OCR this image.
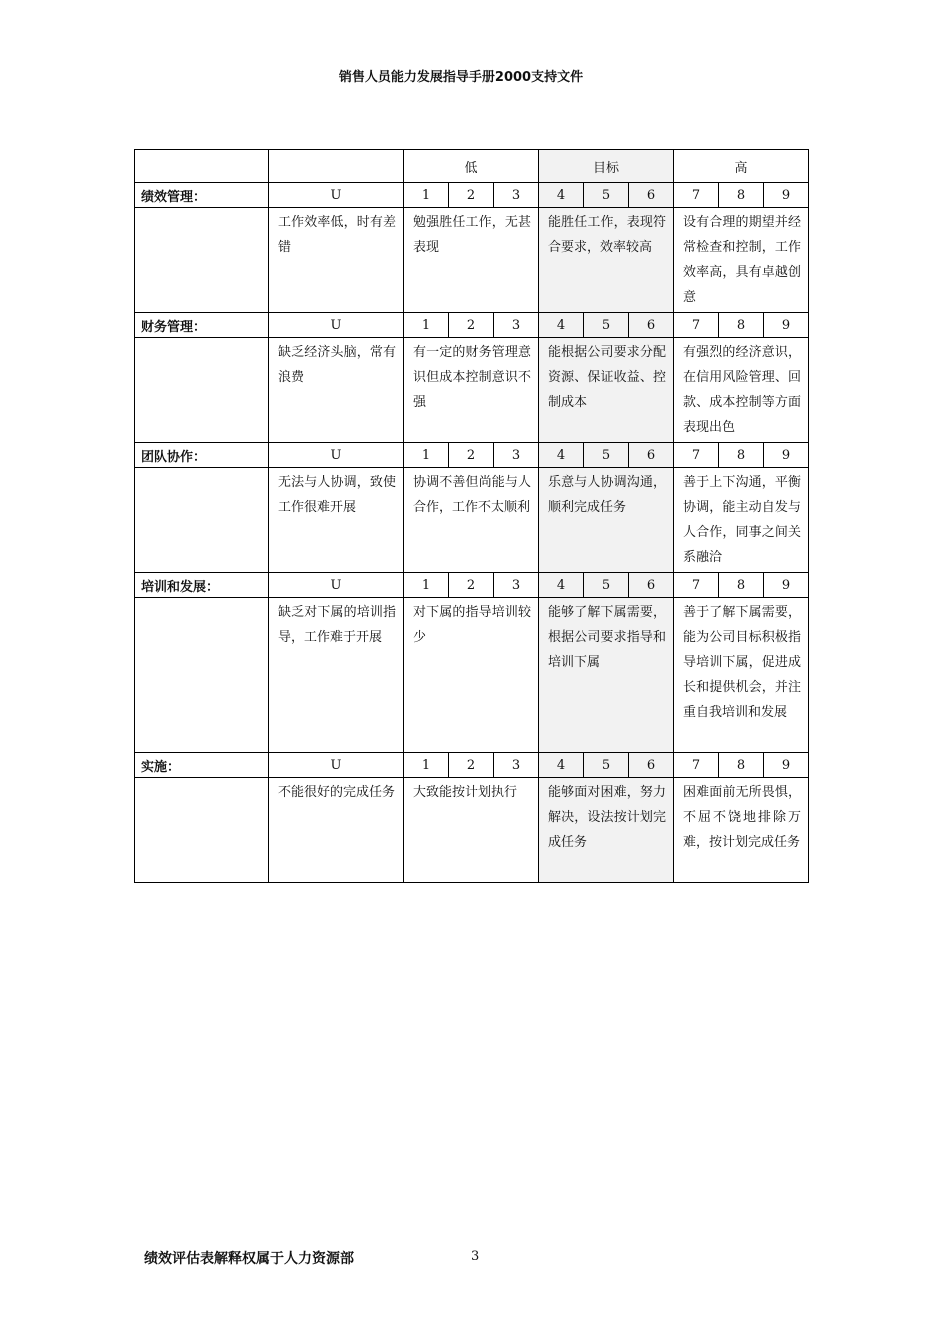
销售人员能力发展指导手册2000支持文件
		低			目标			高		
绩效管理：	U	1	2	3	4	5	6	7	8	9
	工作效率低，时有差错	勉强胜任工作，无甚表现			能胜任工作，表现符合要求，效率较高			设有合理的期望并经常检查和控制，工作效率高，具有卓越创意		
财务管理：	U	1	2	3	4	5	6	7	8	9
	缺乏经济头脑，常有浪费	有一定的财务管理意识但成本控制意识不强			能根据公司要求分配资源、保证收益、控制成本			有强烈的经济意识，在信用风险管理、回款、成本控制等方面表现出色		
团队协作：	U	1	2	3	4	5	6	7	8	9
	无法与人协调，致使工作很难开展	协调不善但尚能与人合作，工作不太顺利			乐意与人协调沟通，顺利完成任务			善于上下沟通，平衡协调，能主动自发与人合作，同事之间关系融洽		
培训和发展：	U	1	2	3	4	5	6	7	8	9
	缺乏对下属的培训指导，工作难于开展	对下属的指导培训较少			能够了解下属需要，根据公司要求指导和培训下属			善于了解下属需要，能为公司目标积极指导培训下属，促进成长和提供机会，并注重自我培训和发展		
实施：	U	1	2	3	4	5	6	7	8	9
	不能很好的完成任务	大致能按计划执行			能够面对困难，努力解决，设法按计划完成任务			困难面前无所畏惧，不屈不饶地排除万难，按计划完成任务		
绩效评估表解释权属于人力资源部	3
